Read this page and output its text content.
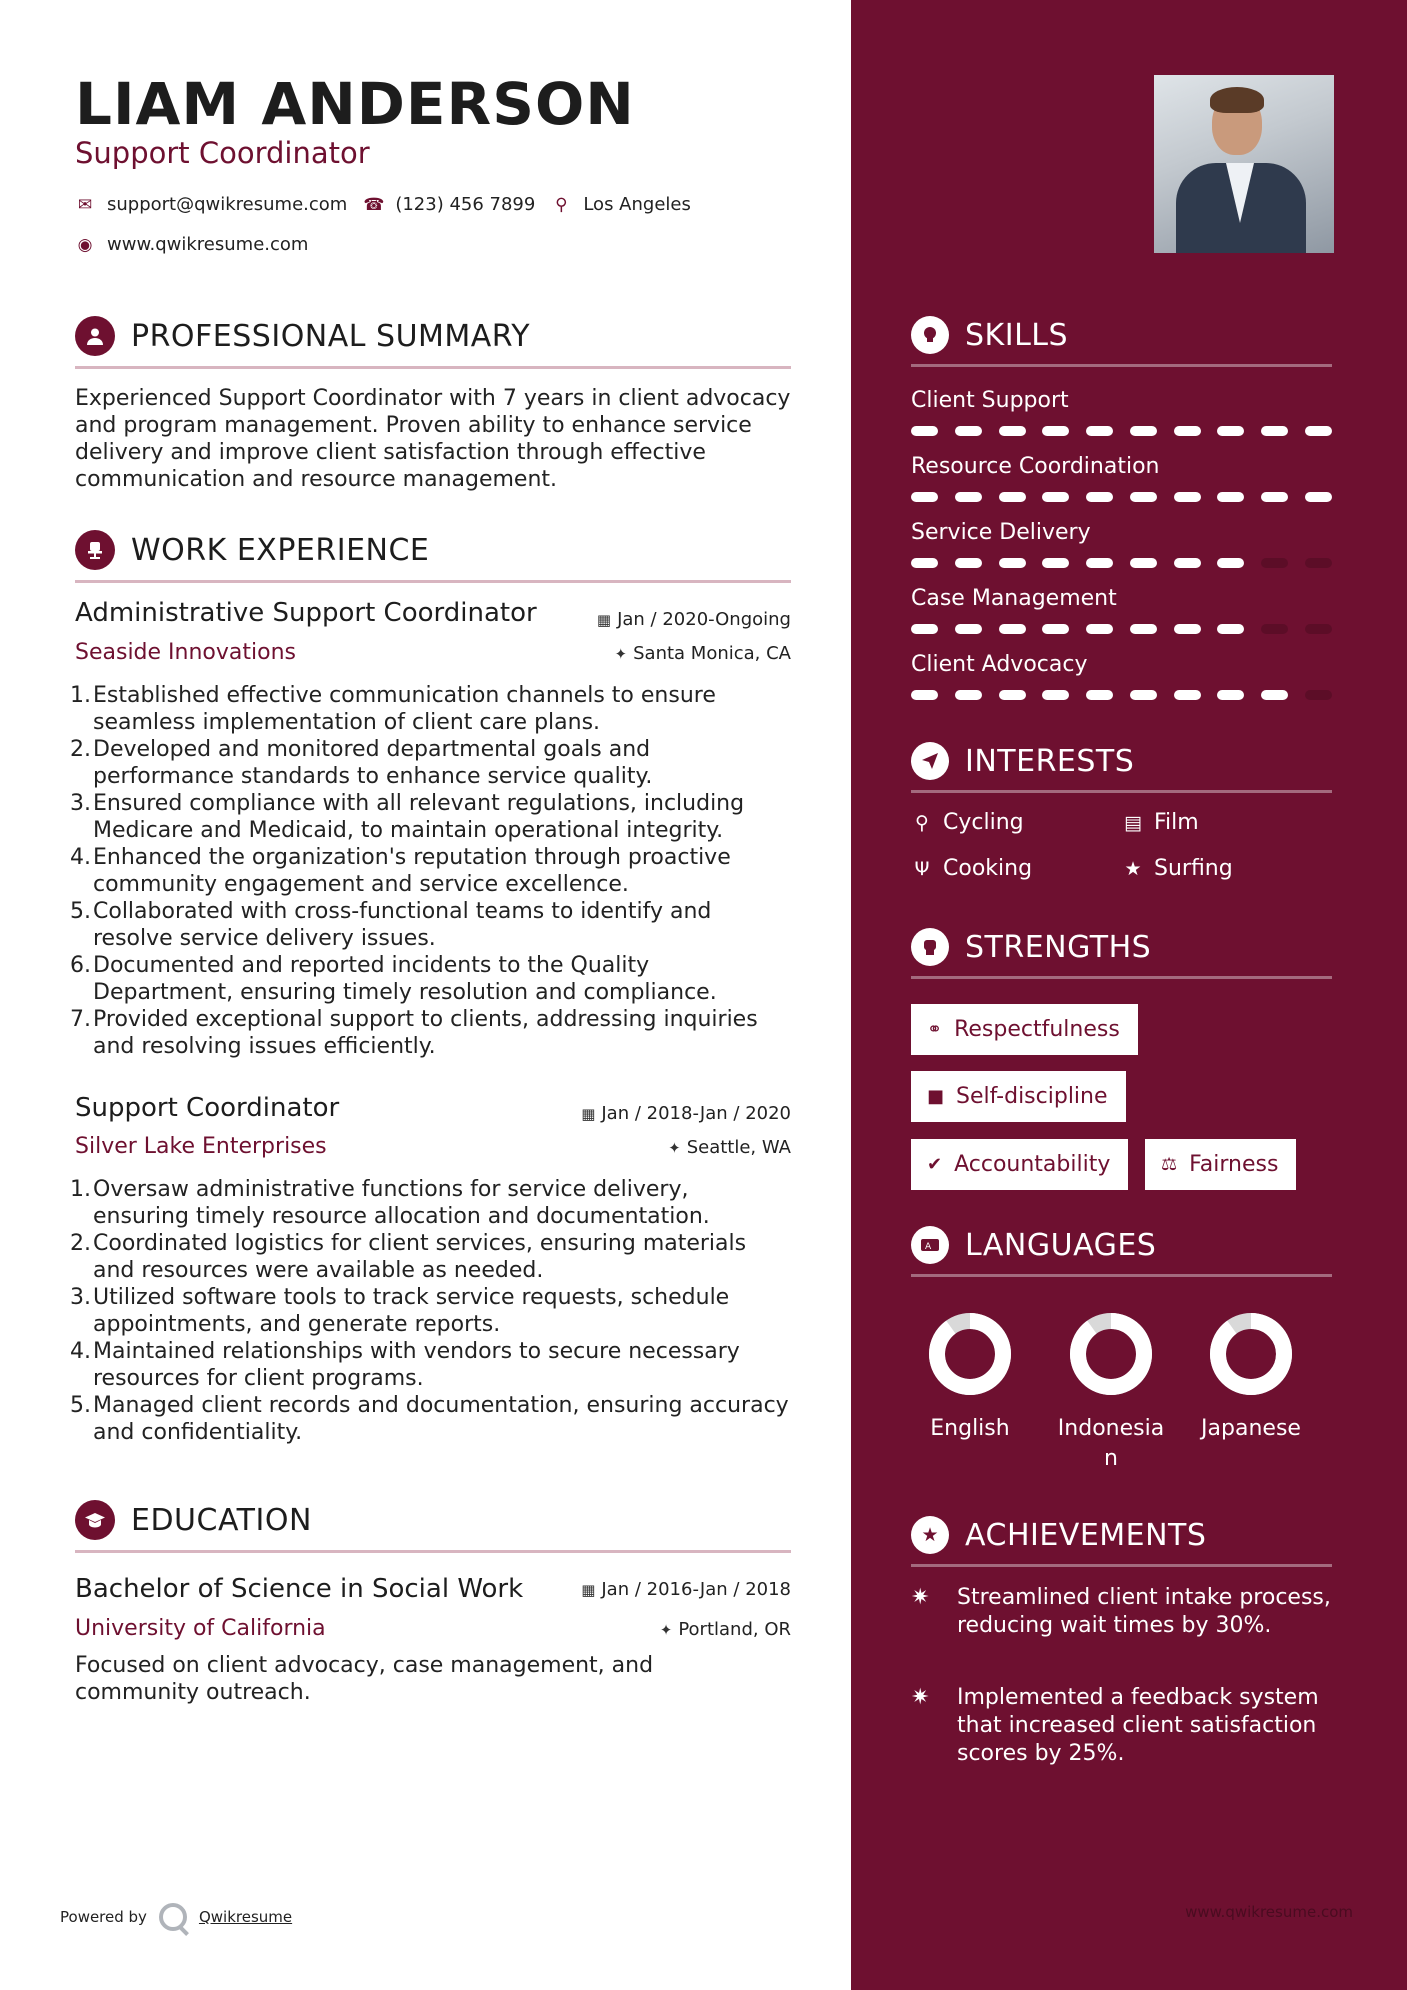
LIAM ANDERSON
Support Coordinator
✉ support@qwikresume.com ☎ (123) 456 7899 ⚲ Los Angeles
◉ www.qwikresume.com
PROFESSIONAL SUMMARY
Experienced Support Coordinator with 7 years in client advocacy and program management. Proven ability to enhance service delivery and improve client satisfaction through effective communication and resource management.
WORK EXPERIENCE
Administrative Support Coordinator	▦ Jan / 2020-Ongoing
Seaside Innovations	✦ Santa Monica, CA
1. Established effective communication channels to ensure seamless implementation of client care plans.
2. Developed and monitored departmental goals and performance standards to enhance service quality.
3. Ensured compliance with all relevant regulations, including Medicare and Medicaid, to maintain operational integrity.
4. Enhanced the organization's reputation through proactive community engagement and service excellence.
5. Collaborated with cross-functional teams to identify and resolve service delivery issues.
6. Documented and reported incidents to the Quality Department, ensuring timely resolution and compliance.
7. Provided exceptional support to clients, addressing inquiries and resolving issues efficiently.
Support Coordinator	▦ Jan / 2018-Jan / 2020
Silver Lake Enterprises	✦ Seattle, WA
1. Oversaw administrative functions for service delivery, ensuring timely resource allocation and documentation.
2. Coordinated logistics for client services, ensuring materials and resources were available as needed.
3. Utilized software tools to track service requests, schedule appointments, and generate reports.
4. Maintained relationships with vendors to secure necessary resources for client programs.
5. Managed client records and documentation, ensuring accuracy and confidentiality.
EDUCATION
Bachelor of Science in Social Work	▦ Jan / 2016-Jan / 2018
University of California	✦ Portland, OR
Focused on client advocacy, case management, and community outreach.
Powered by	Qwikresume
SKILLS
Client Support
Resource Coordination
Service Delivery
Case Management
Client Advocacy
INTERESTS
⚲ Cycling	▤ Film
Ψ Cooking	★ Surfing
STRENGTHS
⚭ Respectfulness
■ Self-discipline
✔ Accountability	⚖ Fairness
A LANGUAGES
English	Indonesia
n
Japanese
★ ACHIEVEMENTS
✷	Streamlined client intake process, reducing wait times by 30%.
✷	Implemented a feedback system that increased client satisfaction scores by 25%.
www.qwikresume.com
